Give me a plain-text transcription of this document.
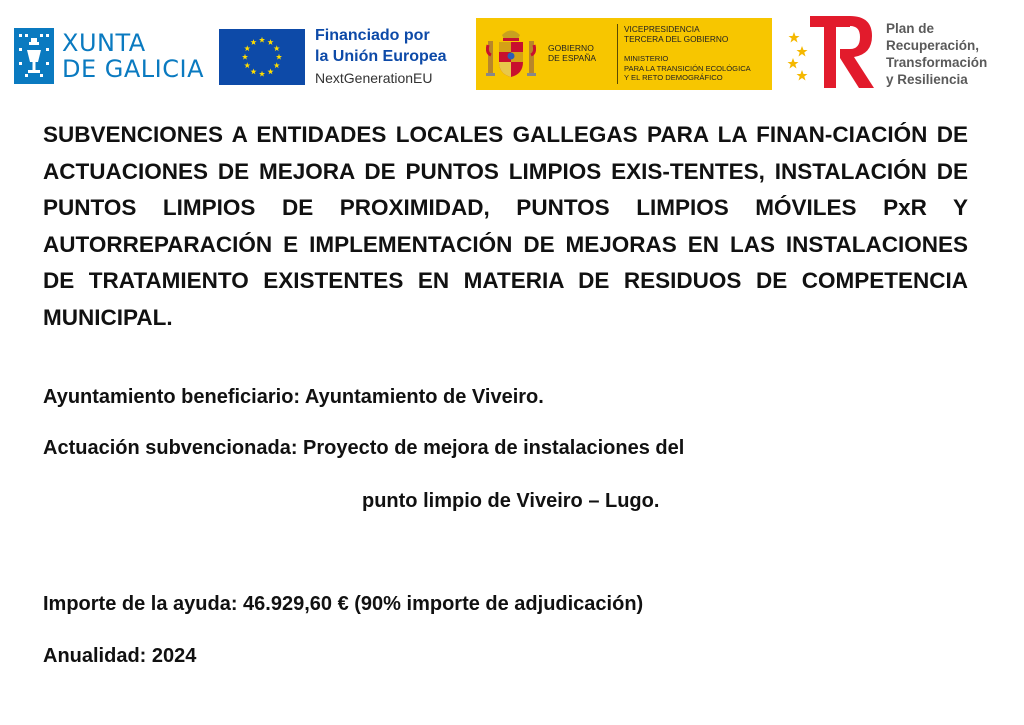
XUNTA
DE GALICIA
Financiado por
la Unión Europea
NextGenerationEU
GOBIERNO
DE ESPAÑA
VICEPRESIDENCIA
TERCERA DEL GOBIERNO
MINISTERIO
PARA LA TRANSICIÓN ECOLÓGICA
Y EL RETO DEMOGRÁFICO
Plan de
Recuperación,
Transformación
y Resiliencia
SUBVENCIONES A ENTIDADES LOCALES GALLEGAS PARA LA FINAN-CIACIÓN DE ACTUACIONES DE MEJORA DE PUNTOS LIMPIOS EXIS-TENTES, INSTALACIÓN DE PUNTOS LIMPIOS DE PROXIMIDAD, PUNTOS LIMPIOS MÓVILES PxR Y AUTORREPARACIÓN E IMPLEMENTACIÓN DE MEJORAS EN LAS INSTALACIONES DE TRATAMIENTO EXISTENTES EN MATERIA DE RESIDUOS DE COMPETENCIA MUNICIPAL.
Ayuntamiento beneficiario: Ayuntamiento de Viveiro.
Actuación subvencionada: Proyecto de mejora de instalaciones del
punto limpio de Viveiro – Lugo.
Importe de la ayuda: 46.929,60 € (90% importe de adjudicación)
Anualidad: 2024
